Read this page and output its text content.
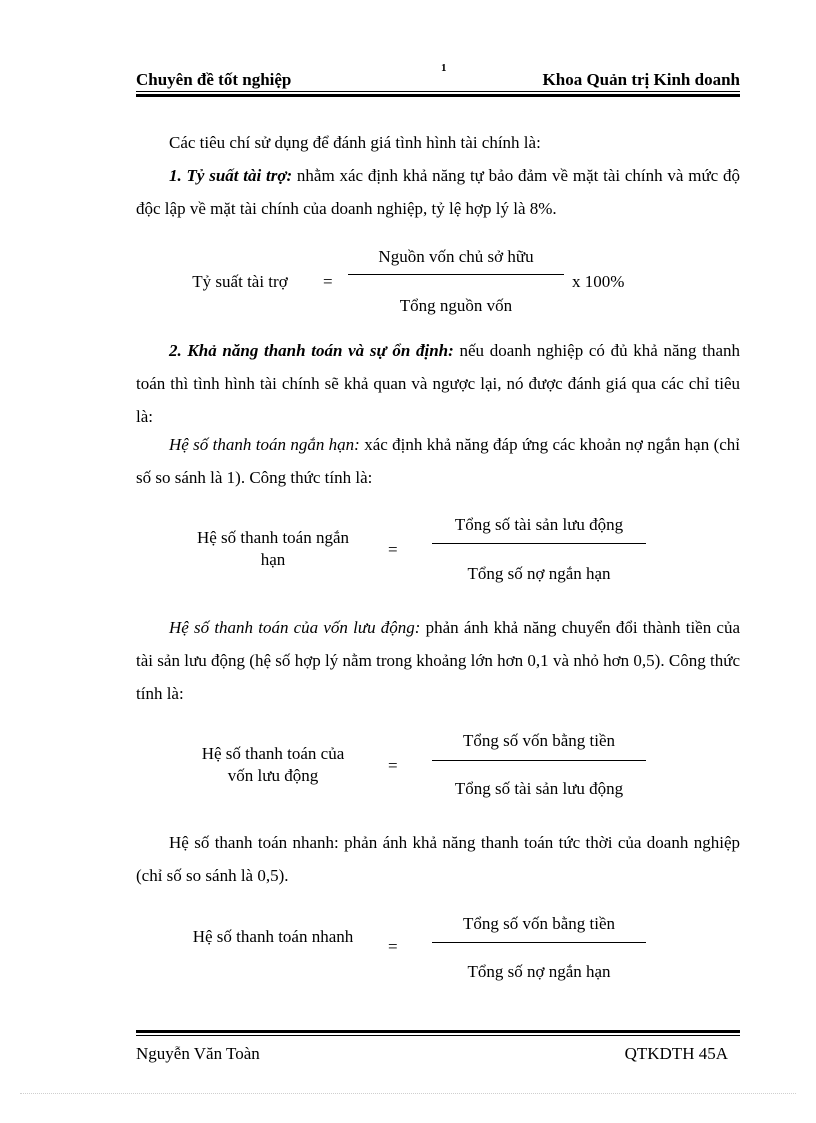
Chuyên đề tốt nghiệp
1
Khoa Quản trị Kinh doanh
Các tiêu chí sử dụng để đánh giá tình hình tài chính là:
1. Tỷ suất tài trợ: nhằm xác định khả năng tự bảo đảm về mặt tài chính và mức độ độc lập về mặt tài chính của doanh nghiệp, tỷ lệ hợp lý là 8%.
Tỷ suất tài trợ	=
Nguồn vốn chủ sở hữu
Tổng nguồn vốn
x 100%
2. Khả năng thanh toán và sự ổn định: nếu doanh nghiệp có đủ khả năng thanh toán thì tình hình tài chính sẽ khả quan và ngược lại, nó được đánh giá qua các chỉ tiêu là:
Hệ số thanh toán ngắn hạn: xác định khả năng đáp ứng các khoản nợ ngắn hạn (chỉ số so sánh là 1). Công thức tính là:
Hệ số thanh toán ngắn
hạn
=
Tổng số tài sản lưu động
Tổng số nợ ngắn hạn
Hệ số thanh toán của vốn lưu động: phản ánh khả năng chuyển đổi thành tiền của tài sản lưu động (hệ số hợp lý nằm trong khoảng lớn hơn 0,1 và nhỏ hơn 0,5). Công thức tính là:
Hệ số thanh toán của
vốn lưu động
=
Tổng số vốn bằng tiền
Tổng số tài sản lưu động
Hệ số thanh toán nhanh: phản ánh khả năng thanh toán tức thời của doanh nghiệp (chỉ số so sánh là 0,5).
Hệ số thanh toán nhanh
=
Tổng số vốn bằng tiền
Tổng số nợ ngắn hạn
Nguyễn Văn Toàn	QTKDTH 45A
